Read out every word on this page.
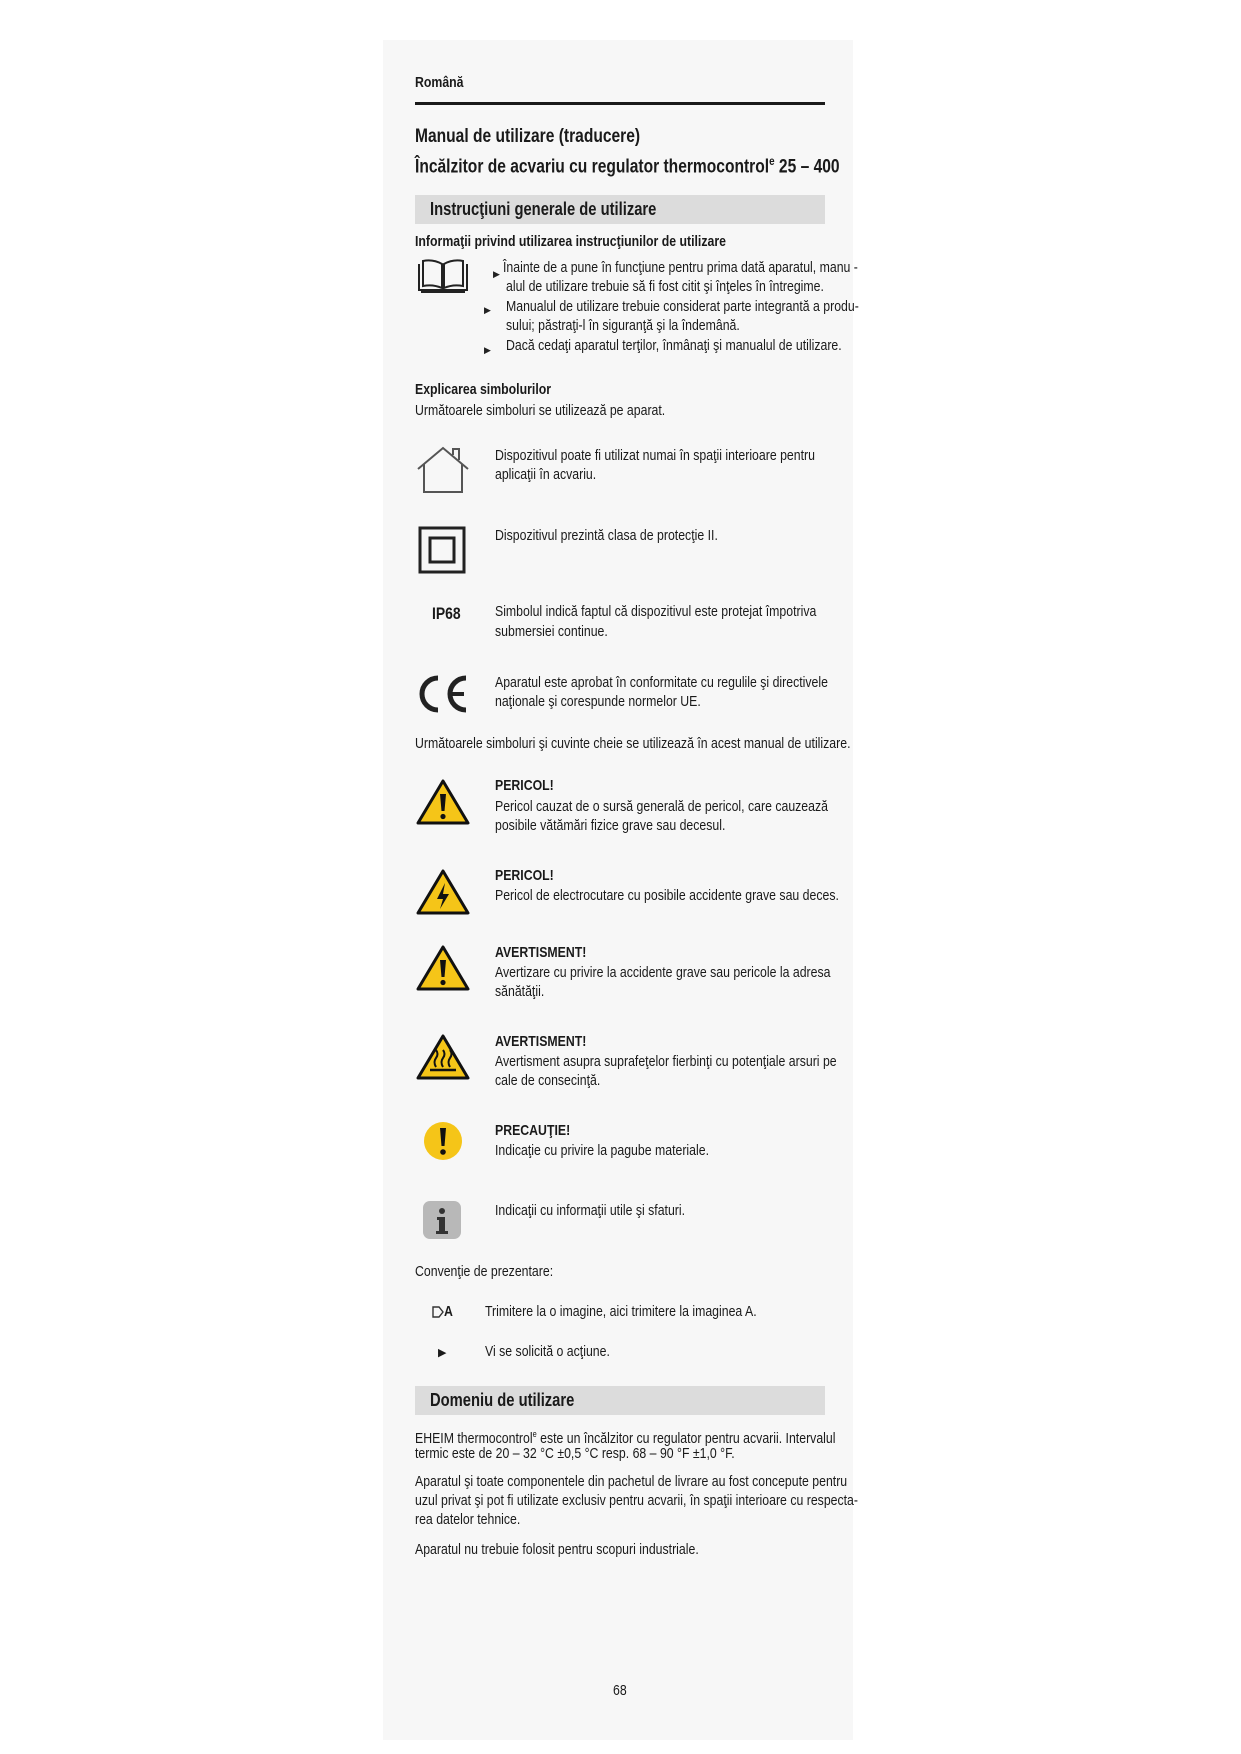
Română
Manual de utilizare (traducere)
Încălzitor de acvariu cu regulator thermocontrol$^e$ 25 – 400
Instrucţiuni generale de utilizare
Informaţii privind utilizarea instrucţiunilor de utilizare
▶ Înainte de a pune în funcţiune pentru prima dată aparatul, manu -
alul de utilizare trebuie să fi fost citit şi înţeles în întregime.
▶ Manualul de utilizare trebuie considerat parte integrantă a produ-
sului; păstraţi-l în siguranţă şi la îndemână.
▶ Dacă cedaţi aparatul terţilor, înmânaţi şi manualul de utilizare.
Explicarea simbolurilor
Următoarele simboluri se utilizează pe aparat.
Dispozitivul poate fi utilizat numai în spaţii interioare pentru
aplicaţii în acvariu.
Dispozitivul prezintă clasa de protecţie II.
IP68 Simbolul indică faptul că dispozitivul este protejat împotriva
submersiei continue.
Aparatul este aprobat în conformitate cu regulile şi directivele
naţionale şi corespunde normelor UE.
Următoarele simboluri şi cuvinte cheie se utilizează în acest manual de utilizare.
PERICOL!
Pericol cauzat de o sursă generală de pericol, care cauzează
posibile vătămări fizice grave sau decesul.
PERICOL!
Pericol de electrocutare cu posibile accidente grave sau deces.
AVERTISMENT!
Avertizare cu privire la accidente grave sau pericole la adresa
sănătăţii.
AVERTISMENT!
Avertisment asupra suprafeţelor fierbinţi cu potenţiale arsuri pe
cale de consecinţă.
PRECAUŢIE!
Indicaţie cu privire la pagube materiale.
Indicaţii cu informaţii utile şi sfaturi.
Convenţie de prezentare:
A Trimitere la o imagine, aici trimitere la imaginea A.
▶	Vi se solicită o acţiune.
Domeniu de utilizare
EHEIM thermocontrol$^e$ este un încălzitor cu regulator pentru acvarii. Intervalul
termic este de 20 – 32 °C ±0,5 °C resp. 68 – 90 °F ±1,0 °F.
Aparatul şi toate componentele din pachetul de livrare au fost concepute pentru
uzul privat şi pot fi utilizate exclusiv pentru acvarii, în spaţii interioare cu respecta-
rea datelor tehnice.
Aparatul nu trebuie folosit pentru scopuri industriale.
68
